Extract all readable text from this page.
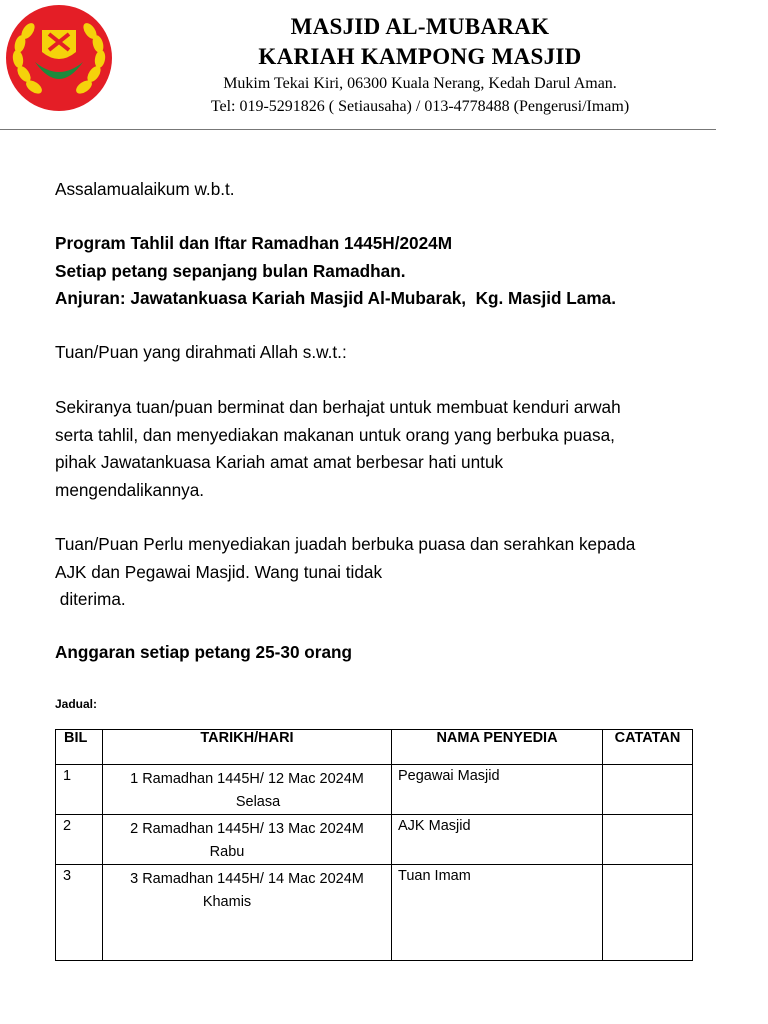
MASJID AL-MUBARAK
KARIAH KAMPONG MASJID
Mukim Tekai Kiri, 06300 Kuala Nerang, Kedah Darul Aman.
Tel: 019-5291826 ( Setiausaha) / 013-4778488 (Pengerusi/Imam)
Assalamualaikum w.b.t.
Program Tahlil dan Iftar Ramadhan 1445H/2024M
Setiap petang sepanjang bulan Ramadhan.
Anjuran: Jawatankuasa Kariah Masjid Al-Mubarak,  Kg. Masjid Lama.
Tuan/Puan yang dirahmati Allah s.w.t.:
Sekiranya tuan/puan berminat dan berhajat untuk membuat kenduri arwah
serta tahlil, dan menyediakan makanan untuk orang yang berbuka puasa,
pihak Jawatankuasa Kariah amat amat berbesar hati untuk
mengendalikannya.
Tuan/Puan Perlu menyediakan juadah berbuka puasa dan serahkan kepada
AJK dan Pegawai Masjid. Wang tunai tidak
diterima.
Anggaran setiap petang 25-30 orang
Jadual:
BIL	TARIKH/HARI	NAMA PENYEDIA	CATATAN
1	1 Ramadhan 1445H/ 12 Mac 2024M
Selasa	Pegawai Masjid	
2	2 Ramadhan 1445H/ 13 Mac 2024M
Rabu	AJK Masjid	
3	3 Ramadhan 1445H/ 14 Mac 2024M
Khamis	Tuan Imam	
